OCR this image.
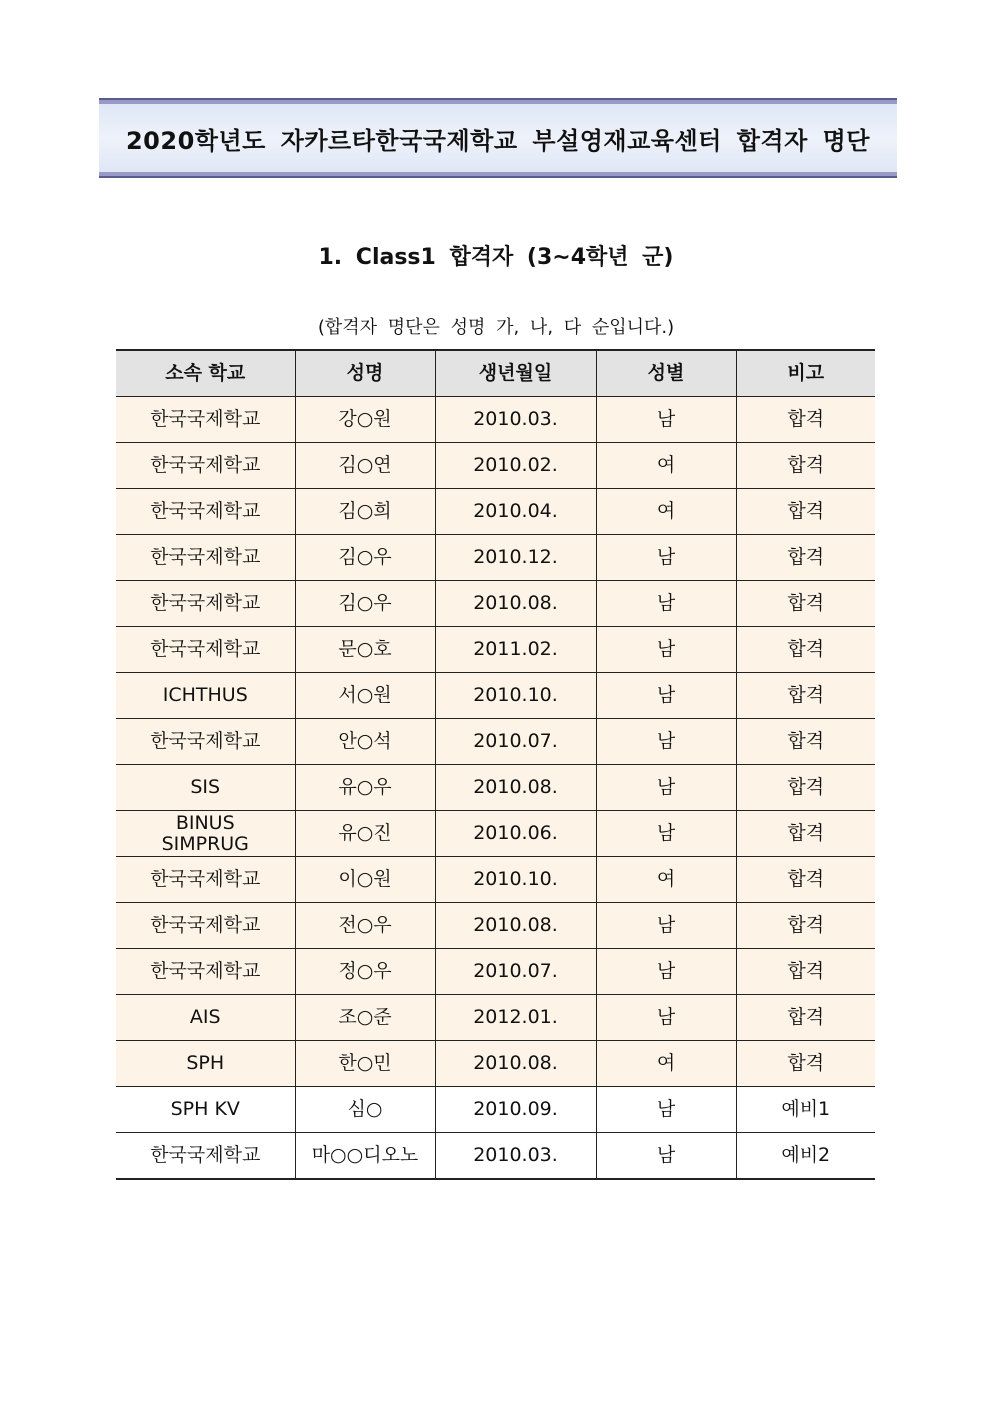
2020학년도 자카르타한국국제학교 부설영재교육센터 합격자 명단
1. Class1 합격자 (3~4학년 군)
(합격자 명단은 성명 가, 나, 다 순입니다.)
소속 학교	성명	생년월일	성별	비고
한국국제학교	강○원	2010.03.	남	합격
한국국제학교	김○연	2010.02.	여	합격
한국국제학교	김○희	2010.04.	여	합격
한국국제학교	김○우	2010.12.	남	합격
한국국제학교	김○우	2010.08.	남	합격
한국국제학교	문○호	2011.02.	남	합격
ICHTHUS	서○원	2010.10.	남	합격
한국국제학교	안○석	2010.07.	남	합격
SIS	유○우	2010.08.	남	합격
BINUS SIMPRUG	유○진	2010.06.	남	합격
한국국제학교	이○원	2010.10.	여	합격
한국국제학교	전○우	2010.08.	남	합격
한국국제학교	정○우	2010.07.	남	합격
AIS	조○준	2012.01.	남	합격
SPH	한○민	2010.08.	여	합격
SPH KV	심○	2010.09.	남	예비1
한국국제학교	마○○디오노	2010.03.	남	예비2
